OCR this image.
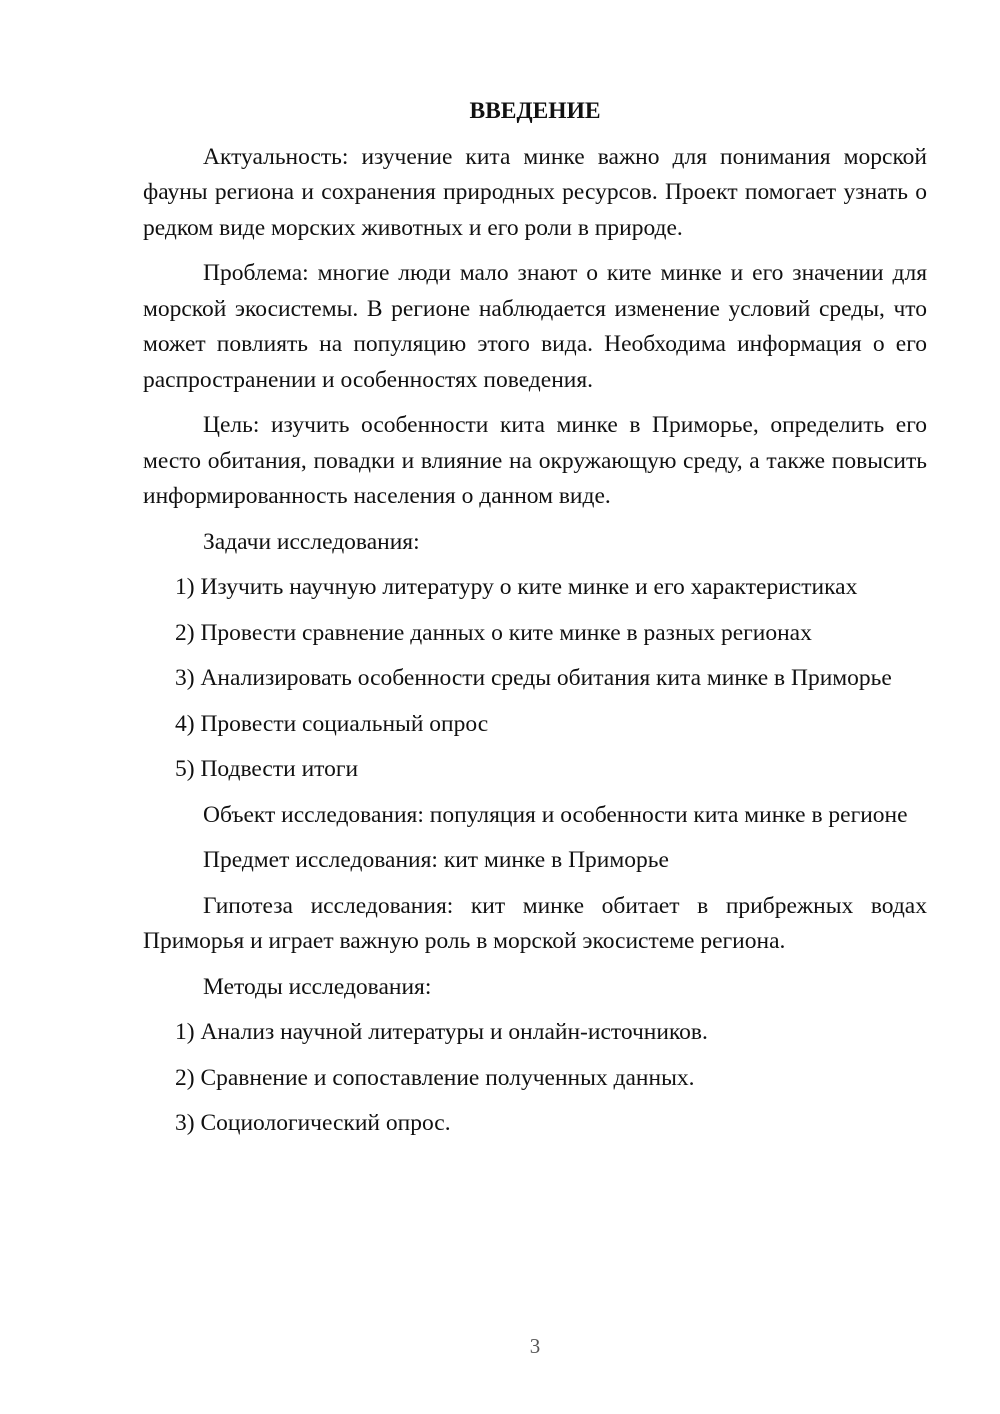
ВВЕДЕНИЕ

Актуальность: изучение кита минке важно для понимания морской фауны региона и сохранения природных ресурсов. Проект помогает узнать о редком виде морских животных и его роли в природе.

Проблема: многие люди мало знают о ките минке и его значении для морской экосистемы. В регионе наблюдается изменение условий среды, что может повлиять на популяцию этого вида. Необходима информация о его распространении и особенностях поведения.

Цель: изучить особенности кита минке в Приморье, определить его место обитания, повадки и влияние на окружающую среду, а также повысить информированность населения о данном виде.

Задачи исследования:

1) Изучить научную литературу о ките минке и его характеристиках

2) Провести сравнение данных о ките минке в разных регионах

3) Анализировать особенности среды обитания кита минке в Приморье

4) Провести социальный опрос

5) Подвести итоги

Объект исследования: популяция и особенности кита минке в регионе

Предмет исследования: кит минке в Приморье

Гипотеза исследования: кит минке обитает в прибрежных водах Приморья и играет важную роль в морской экосистеме региона.

Методы исследования:

1) Анализ научной литературы и онлайн-источников.

2) Сравнение и сопоставление полученных данных.

3) Социологический опрос.

3
